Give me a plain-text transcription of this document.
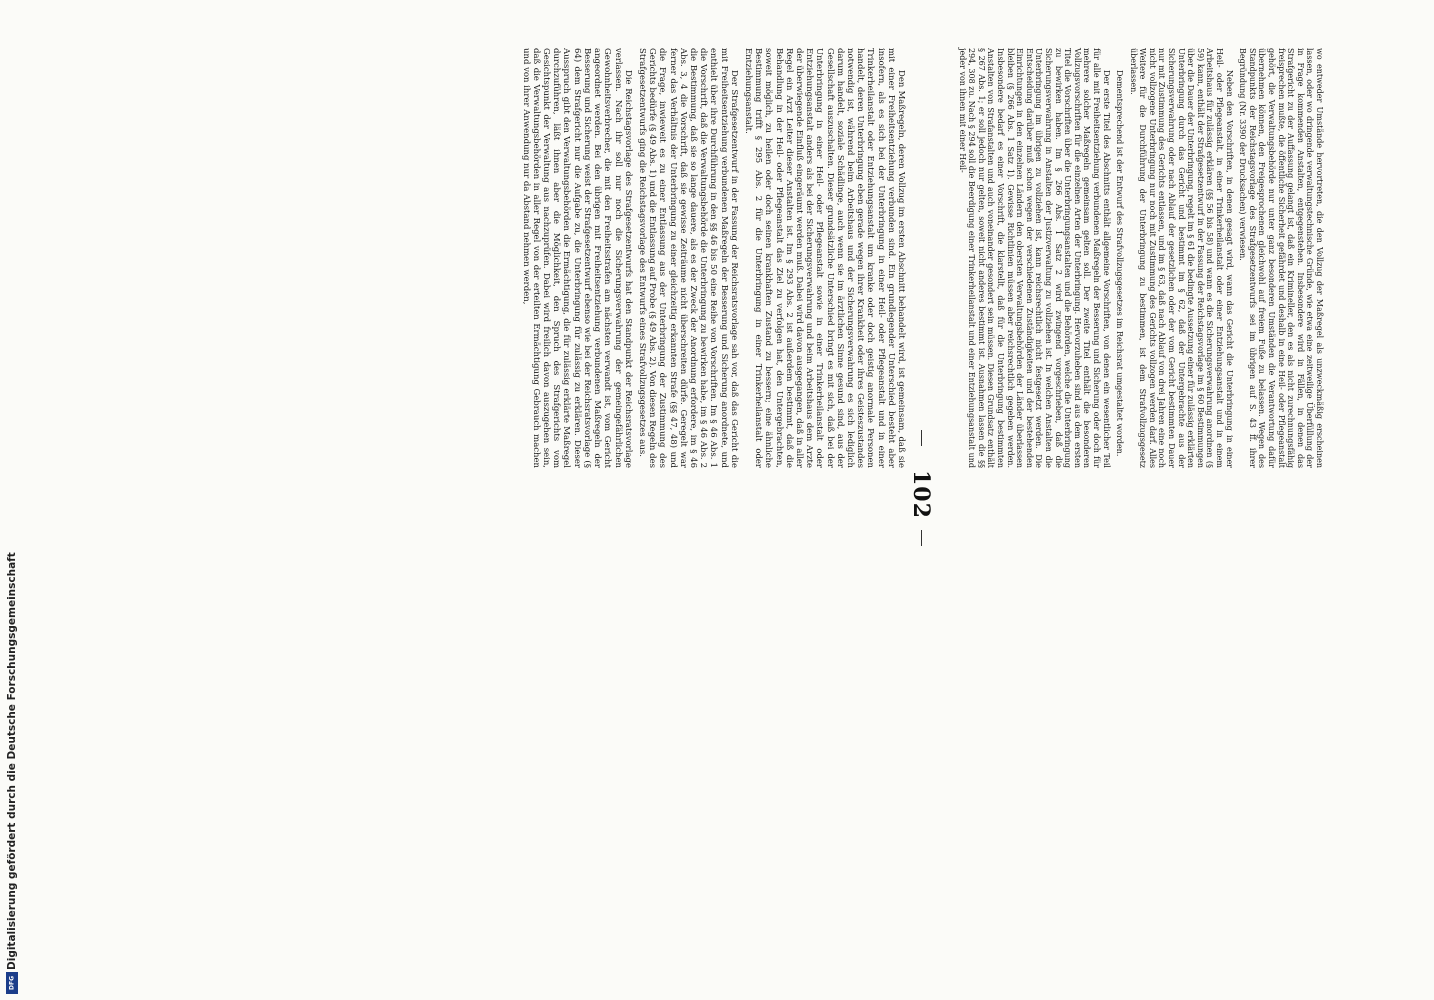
Digitalisierung gefördert durch die Deutsche Forschungsgemeinschaft
DFG
102

wo entweder Umstände hervortreten, die den Vollzug der Maßregel als unzweckmäßig erscheinen lassen, oder wo dringende verwaltungstechnische Gründe, wie etwa eine zeitweilige Überfüllung der in Frage kommenden Anstalten, entgegenstehen. Insbesondere wird in Fällen, in denen das Strafgericht zu der Auffassung gelangt ist, daß ein Krimineller, den es als nicht zurechnungsfähig freisprechen mußte, die öffentliche Sicherheit gefährdet und deshalb in eine Heil- oder Pflegeanstalt gehört, die Verwaltungsbehörde nur unter ganz besonderen Umständen die Verantwortung dafür übernehmen können, den Freigesprochenen gleichwohl auf freiem Fuße zu belassen. Wegen des Standpunkts der Reichstagsvorlage des Strafgesetzentwurfs sei im übrigen auf S. 43 ff. ihrer Begründung (Nr. 3390 der Drucksachen) verwiesen.

Neben den Vorschriften, in denen gesagt wird, wann das Gericht die Unterbringung in einer Heil- oder Pflegeanstalt, in einer Trinkerheilanstalt oder einer Entziehungsanstalt und in einem Arbeitshaus für zulässig erklären (§§ 56 bis 58) und wann es die Sicherungsverwahrung anordnen (§ 59) kann, enthält der Strafgesetzentwurf in der Fassung der Reichstagsvorlage im § 60 Bestimmungen über die Dauer der Unterbringung, regelt im § 61 die bedingte Aussetzung einer für zulässig erklärten Unterbringung durch das Gericht und bestimmt im § 62, daß der Untergebrachte aus der Sicherungsverwahrung oder nach Ablauf der gesetzlichen oder der vom Gericht bestimmten Dauer nur mit Zustimmung des Gerichts entlassen, und im § 63, daß nach Ablauf von drei Jahren eine noch nicht vollzogene Unterbringung nur noch mit Zustimmung des Gerichts vollzogen werden darf. Alles Weitere für die Durchführung der Unterbringung zu bestimmen, ist dem Strafvollzugsgesetz überlassen.

Dementsprechend ist der Entwurf des Strafvollzugsgesetzes im Reichsrat umgestaltet worden.

Der erste Titel des Abschnitts enthält allgemeine Vorschriften, von denen ein wesentlicher Teil für alle mit Freiheitsentziehung verbundenen Maßregeln der Besserung und Sicherung oder doch für mehrere solcher Maßregeln gemeinsam gelten soll. Der zweite Titel enthält die besonderen Vollzugsvorschriften für die einzelnen Arten der Unterbringung. Hervorzuheben sind aus dem ersten Titel die Vorschriften über die Unterbringungsanstalten und die Behörden, welche die Unterbringung zu bewirken haben. Im § 266 Abs. 1 Satz 2 wird zwingend vorgeschrieben, daß die Sicherungsverwahrung in Anstalten der Justizverwaltung zu vollziehen ist. In welchen Anstalten die Unterbringung im übrigen zu vollziehen ist, kann reichsrechtlich nicht festgesetzt werden. Die Entscheidung darüber muß schon wegen der verschiedenen Zuständigkeiten und der bestehenden Einrichtungen in den einzelnen Ländern den obersten Verwaltungsbehörden der Länder überlassen bleiben (§ 266 Abs. 1 Satz 1). Gewisse Richtlinien müssen aber reichsrechtlich gegeben werden. Insbesondere bedarf es einer Vorschrift, die klarstellt, daß für die Unterbringung bestimmten Anstalten von Strafanstalten und auch voneinander gesondert sein müssen. Diesen Grundsatz enthält § 267 Abs. 1; er soll jedoch nur gelten, soweit nicht anderes bestimmt ist. Ausnahmen lassen die §§ 294, 308 zu. Nach § 294 soll die Beerdigung einer Trinkerheilanstalt und einer Entziehungsanstalt und jeder von ihnen mit einer Heil-

Den Maßregeln, deren Vollzug im ersten Abschnitt behandelt wird, ist gemeinsam, daß sie mit einer Freiheitsentziehung verbunden sind. Ein grundlegender Unterschied besteht aber insofern, als es sich bei der Unterbringung in einer Heil- oder Pflegeanstalt und in einer Trinkerheilanstalt oder Entziehungsanstalt um kranke oder doch geistig anormale Personen handelt, deren Unterbringung eben gerade wegen ihrer Krankheit oder ihres Geisteszustandes notwendig ist, während beim Arbeitshaus und der Sicherungsverwahrung es sich lediglich darum handelt, soziale Schädlinge, auch wenn sie im ärztlichen Sinne gesund sind, aus der Gesellschaft auszuschalten. Dieser grundsätzliche Unterschied bringt es mit sich, daß bei der Unterbringung in einer Heil- oder Pflegeanstalt sowie in einer Trinkerheilanstalt oder Entziehungsanstalt anders als bei der Sicherungsverwahrung und beim Arbeitshaus dem Arzte der überwiegende Einfluß eingeräumt werden muß. Dabei wird davon ausgegangen, daß in aller Regel ein Arzt Leiter dieser Anstalten ist. Im § 293 Abs. 2 ist außerdem bestimmt, daß die Behandlung in der Heil- oder Pflegeanstalt das Ziel zu verfolgen hat, den Untergebrachten, soweit möglich, zu heilen oder doch seinen krankhaften Zustand zu bessern; eine ähnliche Bestimmung trifft § 295 Abs. 2 für die Unterbringung in einer Trinkerheilanstalt oder Entziehungsanstalt.

Der Strafgesetzentwurf in der Fassung der Reichsratsvorlage sah vor, daß das Gericht die mit Freiheitsentziehung verbundenen Maßregeln der Besserung und Sicherung anordnete, und enthielt über ihre Durchführung in den §§ 46 bis 50 eine Reihe von Vorschriften. Im § 46 Abs. 1 die Vorschrift, daß die Verwaltungsbehörde die Unterbringung zu bewirken habe, im § 46 Abs. 2 die Bestimmung, daß sie so lange dauere, als es der Zweck der Anordnung erfordere, im § 46 Abs. 3, 4 die Vorschrift, daß sie gewisse Zeiträume nicht überschreiten dürfe. Geregelt war ferner das Verhältnis der Unterbringung zu einer gleichzeitig erkannten Strafe (§§ 47, 48) und die Frage, inwieweit es zu einer Entlassung aus der Unterbringung der Zustimmung des Gerichts bedürfe (§ 49 Abs. 1) und die Entlassung auf Probe (§ 49 Abs. 2). Von diesen Regeln des Strafgesetzentwurfs ging die Reichstagsvorlage des Entwurfs eines Strafvollzugsgesetzes aus.

Die Reichstagsvorlage des Strafgesetzentwurfs hat den Standpunkt der Reichsratsvorlage verlassen. Nach ihr soll nur noch die Sicherungsverwahrung der gemeingefährlichen Gewohnheitsverbrecher, die mit den Freiheitsstrafen am nächsten verwandt ist, vom Gericht angeordnet werden. Bei den übrigen mit Freiheitsentziehung verbundenen Maßregeln der Besserung und Sicherung weist der Strafgesetzentwurf ebenso wie bei der Reichsratsvorlage (§ 64) dem Strafgericht nur die Aufgabe zu, die Unterbringung für zulässig zu erklären. Dieser Ausspruch gibt den Verwaltungsbehörden die Ermächtigung, die für zulässig erklärte Maßregel durchzuführen, läßt ihnen aber die Möglichkeit, den Spruch des Strafgerichts vom Gesichtspunkt der Verwaltung aus nachzuprüfen. Dabei wird freilich davon auszugehen sein, daß die Verwaltungsbehörden in aller Regel von der erteilten Ermächtigung Gebrauch machen und von ihrer Anwendung nur da Abstand nehmen werden,
